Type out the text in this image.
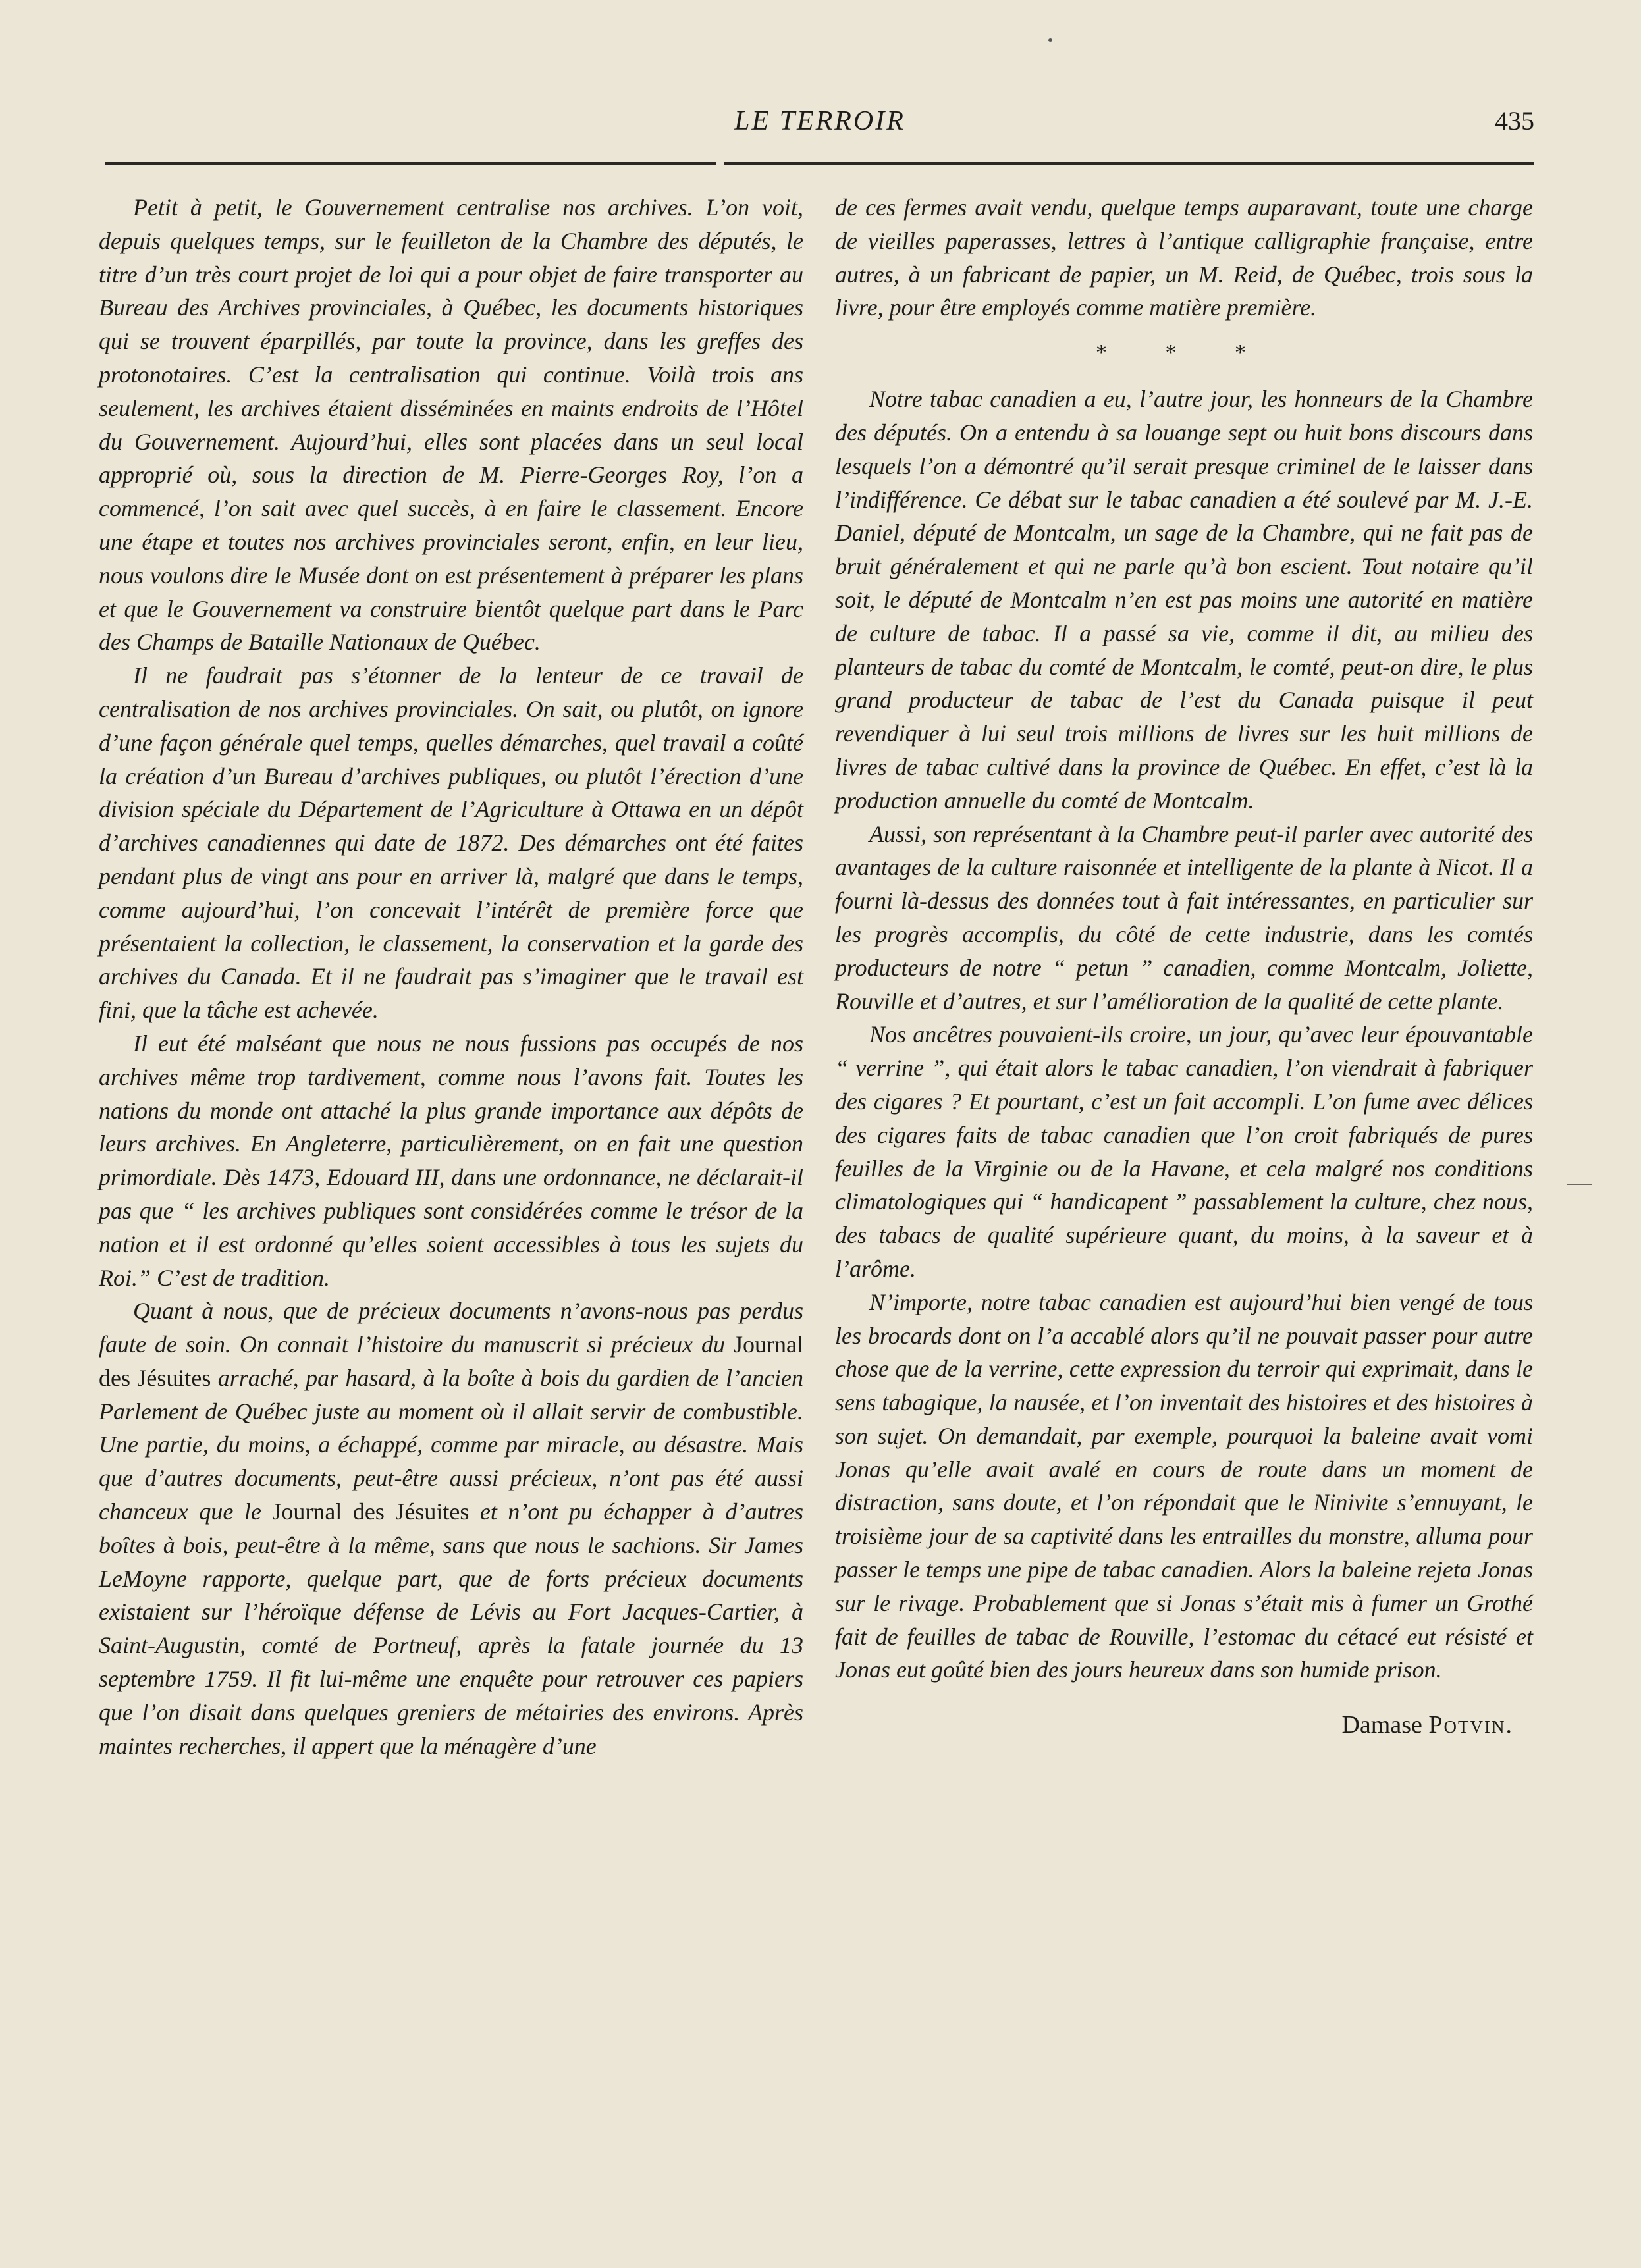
LE TERROIR	435

Petit à petit, le Gouvernement centralise nos archives. L’on voit, depuis quelques temps, sur le feuilleton de la Chambre des députés, le titre d’un très court projet de loi qui a pour objet de faire transporter au Bureau des Archives provinciales, à Québec, les documents historiques qui se trouvent éparpillés, par toute la province, dans les greffes des protonotaires. C’est la centralisation qui continue. Voilà trois ans seulement, les archives étaient disséminées en maints endroits de l’Hôtel du Gouvernement. Aujourd’hui, elles sont placées dans un seul local approprié où, sous la direction de M. Pierre-Georges Roy, l’on a commencé, l’on sait avec quel succès, à en faire le classement. Encore une étape et toutes nos archives provinciales seront, enfin, en leur lieu, nous voulons dire le Musée dont on est présentement à préparer les plans et que le Gouvernement va construire bientôt quelque part dans le Parc des Champs de Bataille Nationaux de Québec.

Il ne faudrait pas s’étonner de la lenteur de ce travail de centralisation de nos archives provinciales. On sait, ou plutôt, on ignore d’une façon générale quel temps, quelles démarches, quel travail a coûté la création d’un Bureau d’archives publiques, ou plutôt l’érection d’une division spéciale du Département de l’Agriculture à Ottawa en un dépôt d’archives canadiennes qui date de 1872. Des démarches ont été faites pendant plus de vingt ans pour en arriver là, malgré que dans le temps, comme aujourd’hui, l’on concevait l’intérêt de première force que présentaient la collection, le classement, la conservation et la garde des archives du Canada. Et il ne faudrait pas s’imaginer que le travail est fini, que la tâche est achevée.

Il eut été malséant que nous ne nous fussions pas occupés de nos archives même trop tardivement, comme nous l’avons fait. Toutes les nations du monde ont attaché la plus grande importance aux dépôts de leurs archives. En Angleterre, particulièrement, on en fait une question primordiale. Dès 1473, Edouard III, dans une ordonnance, ne déclarait-il pas que “ les archives publiques sont considérées comme le trésor de la nation et il est ordonné qu’elles soient accessibles à tous les sujets du Roi.” C’est de tradition.

Quant à nous, que de précieux documents n’avons-nous pas perdus faute de soin. On connait l’histoire du manuscrit si précieux du Journal des Jésuites arraché, par hasard, à la boîte à bois du gardien de l’ancien Parlement de Québec juste au moment où il allait servir de combustible. Une partie, du moins, a échappé, comme par miracle, au désastre. Mais que d’autres documents, peut-être aussi précieux, n’ont pas été aussi chanceux que le Journal des Jésuites et n’ont pu échapper à d’autres boîtes à bois, peut-être à la même, sans que nous le sachions. Sir James LeMoyne rapporte, quelque part, que de forts précieux documents existaient sur l’héroïque défense de Lévis au Fort Jacques-Cartier, à Saint-Augustin, comté de Portneuf, après la fatale journée du 13 septembre 1759. Il fit lui-même une enquête pour retrouver ces papiers que l’on disait dans quelques greniers de métairies des environs. Après maintes recherches, il appert que la ménagère d’une

de ces fermes avait vendu, quelque temps auparavant, toute une charge de vieilles paperasses, lettres à l’antique calligraphie française, entre autres, à un fabricant de papier, un M. Reid, de Québec, trois sous la livre, pour être employés comme matière première.

* * *

Notre tabac canadien a eu, l’autre jour, les honneurs de la Chambre des députés. On a entendu à sa louange sept ou huit bons discours dans lesquels l’on a démontré qu’il serait presque criminel de le laisser dans l’indifférence. Ce débat sur le tabac canadien a été soulevé par M. J.-E. Daniel, député de Montcalm, un sage de la Chambre, qui ne fait pas de bruit généralement et qui ne parle qu’à bon escient. Tout notaire qu’il soit, le député de Montcalm n’en est pas moins une autorité en matière de culture de tabac. Il a passé sa vie, comme il dit, au milieu des planteurs de tabac du comté de Montcalm, le comté, peut-on dire, le plus grand producteur de tabac de l’est du Canada puisque il peut revendiquer à lui seul trois millions de livres sur les huit millions de livres de tabac cultivé dans la province de Québec. En effet, c’est là la production annuelle du comté de Montcalm.

Aussi, son représentant à la Chambre peut-il parler avec autorité des avantages de la culture raisonnée et intelligente de la plante à Nicot. Il a fourni là-dessus des données tout à fait intéressantes, en particulier sur les progrès accomplis, du côté de cette industrie, dans les comtés producteurs de notre “ petun ” canadien, comme Montcalm, Joliette, Rouville et d’autres, et sur l’amélioration de la qualité de cette plante.

Nos ancêtres pouvaient-ils croire, un jour, qu’avec leur épouvantable “ verrine ”, qui était alors le tabac canadien, l’on viendrait à fabriquer des cigares ? Et pourtant, c’est un fait accompli. L’on fume avec délices des cigares faits de tabac canadien que l’on croit fabriqués de pures feuilles de la Virginie ou de la Havane, et cela malgré nos conditions climatologiques qui “ handicapent ” passablement la culture, chez nous, des tabacs de qualité supérieure quant, du moins, à la saveur et à l’arôme.

N’importe, notre tabac canadien est aujourd’hui bien vengé de tous les brocards dont on l’a accablé alors qu’il ne pouvait passer pour autre chose que de la verrine, cette expression du terroir qui exprimait, dans le sens tabagique, la nausée, et l’on inventait des histoires et des histoires à son sujet. On demandait, par exemple, pourquoi la baleine avait vomi Jonas qu’elle avait avalé en cours de route dans un moment de distraction, sans doute, et l’on répondait que le Ninivite s’ennuyant, le troisième jour de sa captivité dans les entrailles du monstre, alluma pour passer le temps une pipe de tabac canadien. Alors la baleine rejeta Jonas sur le rivage. Probablement que si Jonas s’était mis à fumer un Grothé fait de feuilles de tabac de Rouville, l’estomac du cétacé eut résisté et Jonas eut goûté bien des jours heureux dans son humide prison.

Damase Potvin.
